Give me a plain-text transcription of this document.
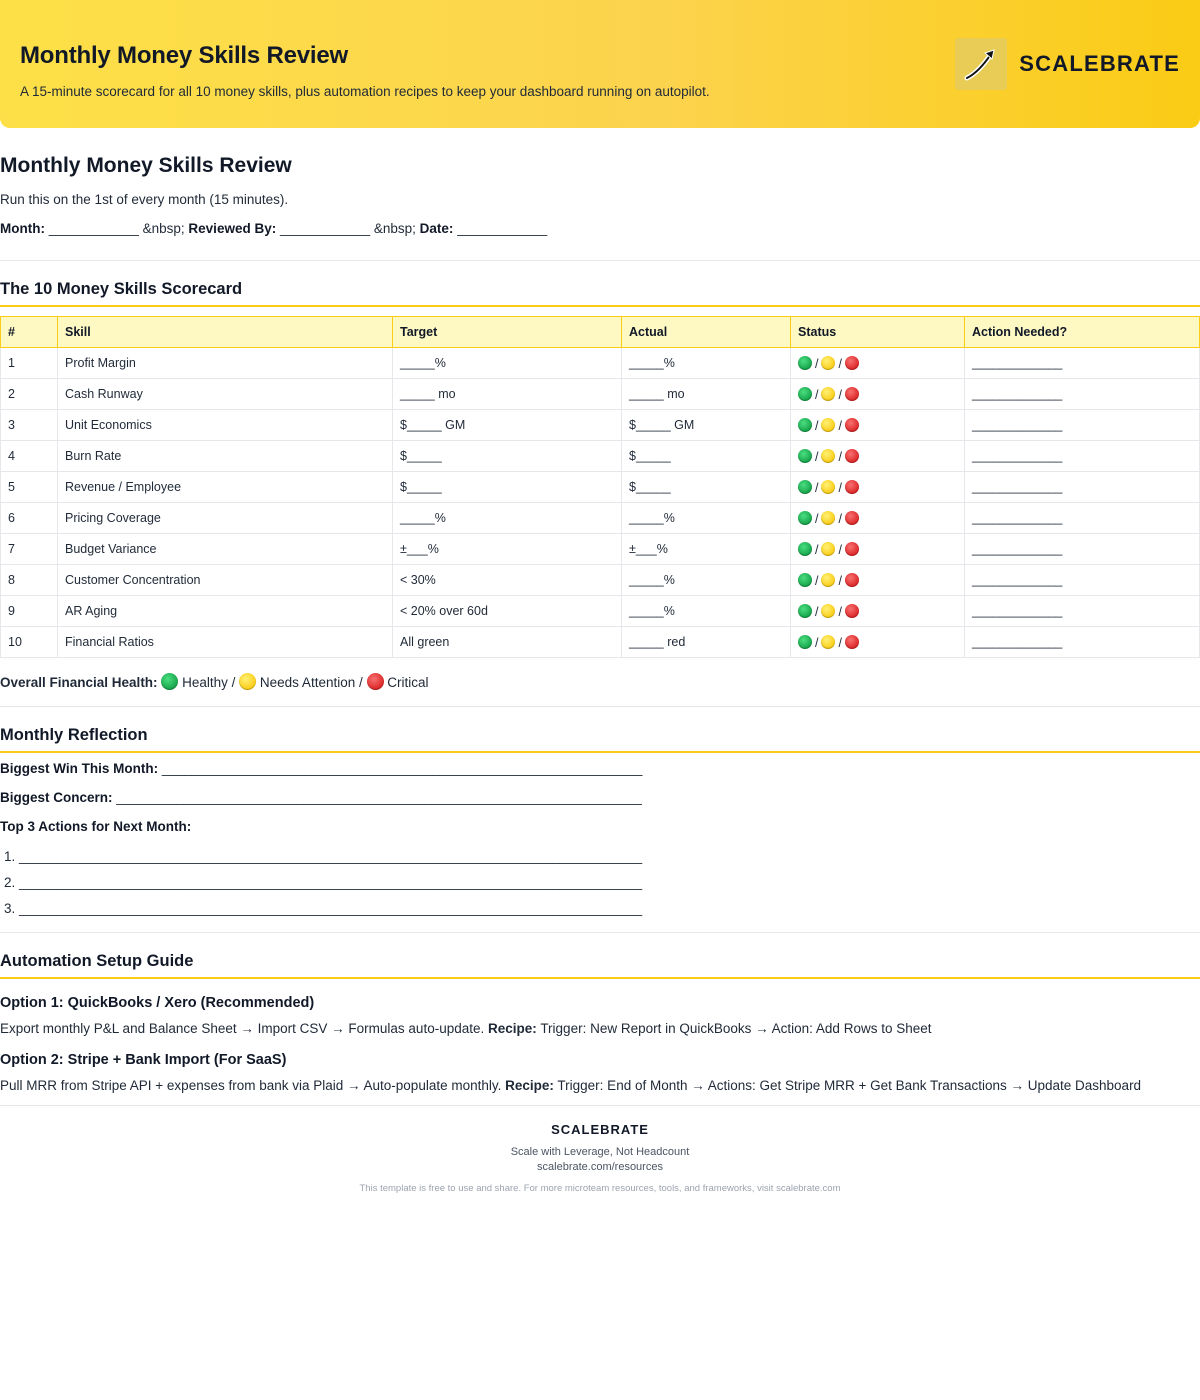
Monthly Money Skills Review
A 15-minute scorecard for all 10 money skills, plus automation recipes to keep your dashboard running on autopilot.
SCALEBRATE
Monthly Money Skills Review

Run this on the 1st of every month (15 minutes).

Month: ____________ &nbsp; Reviewed By: ____________ &nbsp; Date: ____________

The 10 Money Skills Scorecard
#	Skill	Target	Actual	Status	Action Needed?
1	Profit Margin	_____%	_____%	/ /	_____________
2	Cash Runway	_____ mo	_____ mo	/ /	_____________
3	Unit Economics	$_____ GM	$_____ GM	/ /	_____________
4	Burn Rate	$_____	$_____	/ /	_____________
5	Revenue / Employee	$_____	$_____	/ /	_____________
6	Pricing Coverage	_____%	_____%	/ /	_____________
7	Budget Variance	±___%	±___%	/ /	_____________
8	Customer Concentration	< 30%	_____%	/ /	_____________
9	AR Aging	< 20% over 60d	_____%	/ /	_____________
10	Financial Ratios	All green	_____ red	/ /	_____________

Overall Financial Health: Healthy / Needs Attention / Critical

Monthly Reflection

Biggest Win This Month: ________________________________________________________________

Biggest Concern: ______________________________________________________________________

Top 3 Actions for Next Month:

1. ___________________________________________________________________________________
2. ___________________________________________________________________________________
3. ___________________________________________________________________________________
Automation Setup Guide
Option 1: QuickBooks / Xero (Recommended)

Export monthly P&L and Balance Sheet → Import CSV → Formulas auto-update. Recipe: Trigger: New Report in QuickBooks → Action: Add Rows to Sheet

Option 2: Stripe + Bank Import (For SaaS)

Pull MRR from Stripe API + expenses from bank via Plaid → Auto-populate monthly. Recipe: Trigger: End of Month → Actions: Get Stripe MRR + Get Bank Transactions → Update Dashboard

SCALEBRATE
Scale with Leverage, Not Headcount
scalebrate.com/resources
This template is free to use and share. For more microteam resources, tools, and frameworks, visit scalebrate.com
